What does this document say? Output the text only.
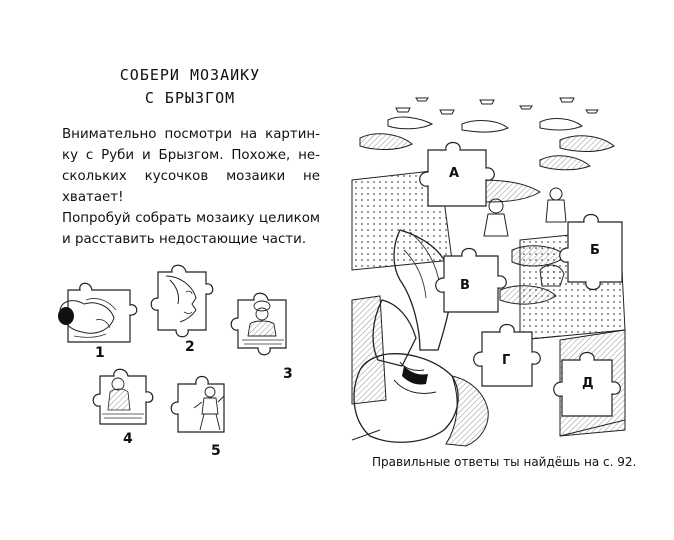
СОБЕРИ МОЗАИКУ
С БРЫЗГОМ
Внимательно посмотри на картин-
ку с Руби и Брызгом. Похоже, не-
скольких кусочков мозаики не хватает!
Попробуй собрать мозаику целиком
и расставить недостающие части.
1	2
3
4
5
А
Б
В
Г
Д
Правильные ответы ты найдёшь на с. 92.
